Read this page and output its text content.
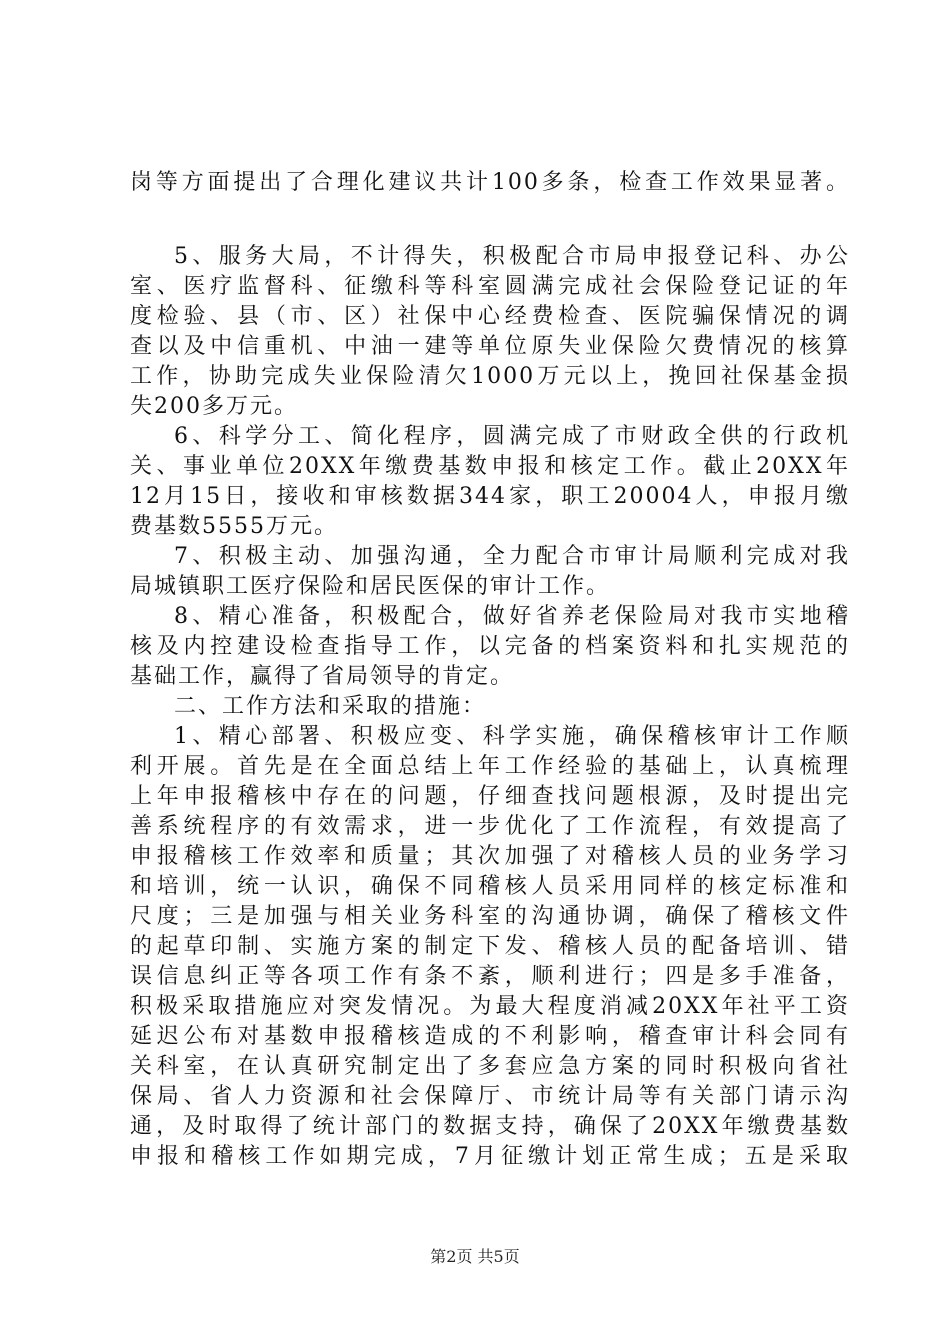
岗等方面提出了合理化建议共计100多条，检查工作效果显著。
5、服务大局，不计得失，积极配合市局申报登记科、办公
室、医疗监督科、征缴科等科室圆满完成社会保险登记证的年
度检验、县（市、区）社保中心经费检查、医院骗保情况的调
查以及中信重机、中油一建等单位原失业保险欠费情况的核算
工作，协助完成失业保险清欠1000万元以上，挽回社保基金损
失200多万元。
6、科学分工、简化程序，圆满完成了市财政全供的行政机
关、事业单位20XX年缴费基数申报和核定工作。截止20XX年
12月15日，接收和审核数据344家，职工20004人，申报月缴
费基数5555万元。
7、积极主动、加强沟通，全力配合市审计局顺利完成对我
局城镇职工医疗保险和居民医保的审计工作。
8、精心准备，积极配合，做好省养老保险局对我市实地稽
核及内控建设检查指导工作，以完备的档案资料和扎实规范的
基础工作，赢得了省局领导的肯定。
二、工作方法和采取的措施：
1、精心部署、积极应变、科学实施，确保稽核审计工作顺
利开展。首先是在全面总结上年工作经验的基础上，认真梳理
上年申报稽核中存在的问题，仔细查找问题根源，及时提出完
善系统程序的有效需求，进一步优化了工作流程，有效提高了
申报稽核工作效率和质量；其次加强了对稽核人员的业务学习
和培训，统一认识，确保不同稽核人员采用同样的核定标准和
尺度；三是加强与相关业务科室的沟通协调，确保了稽核文件
的起草印制、实施方案的制定下发、稽核人员的配备培训、错
误信息纠正等各项工作有条不紊，顺利进行；四是多手准备，
积极采取措施应对突发情况。为最大程度消减20XX年社平工资
延迟公布对基数申报稽核造成的不利影响，稽查审计科会同有
关科室，在认真研究制定出了多套应急方案的同时积极向省社
保局、省人力资源和社会保障厅、市统计局等有关部门请示沟
通，及时取得了统计部门的数据支持，确保了20XX年缴费基数
申报和稽核工作如期完成，7月征缴计划正常生成；五是采取
第2页 共5页
